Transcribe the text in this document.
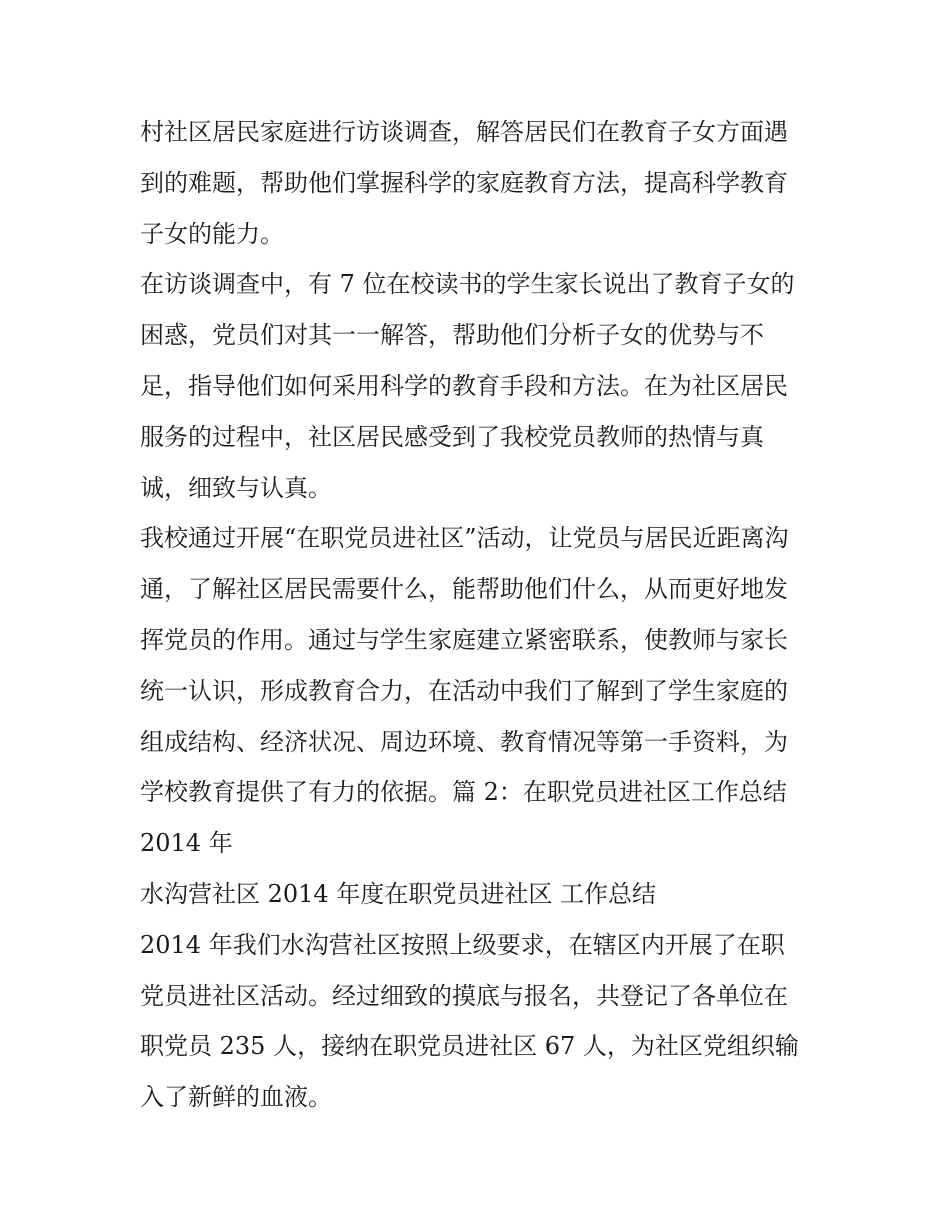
村社区居民家庭进行访谈调查，解答居民们在教育子女方面遇
到的难题，帮助他们掌握科学的家庭教育方法，提高科学教育
子女的能力。
在访谈调查中，有 7 位在校读书的学生家长说出了教育子女的
困惑，党员们对其一一解答，帮助他们分析子女的优势与不
足，指导他们如何采用科学的教育手段和方法。在为社区居民
服务的过程中，社区居民感受到了我校党员教师的热情与真
诚，细致与认真。
我校通过开展“在职党员进社区”活动，让党员与居民近距离沟
通，了解社区居民需要什么，能帮助他们什么，从而更好地发
挥党员的作用。通过与学生家庭建立紧密联系，使教师与家长
统一认识，形成教育合力，在活动中我们了解到了学生家庭的
组成结构、经济状况、周边环境、教育情况等第一手资料，为
学校教育提供了有力的依据。篇 2：在职党员进社区工作总结
2014 年
水沟营社区 2014 年度在职党员进社区 工作总结
2014 年我们水沟营社区按照上级要求，在辖区内开展了在职
党员进社区活动。经过细致的摸底与报名，共登记了各单位在
职党员 235 人，接纳在职党员进社区 67 人，为社区党组织输
入了新鲜的血液。
